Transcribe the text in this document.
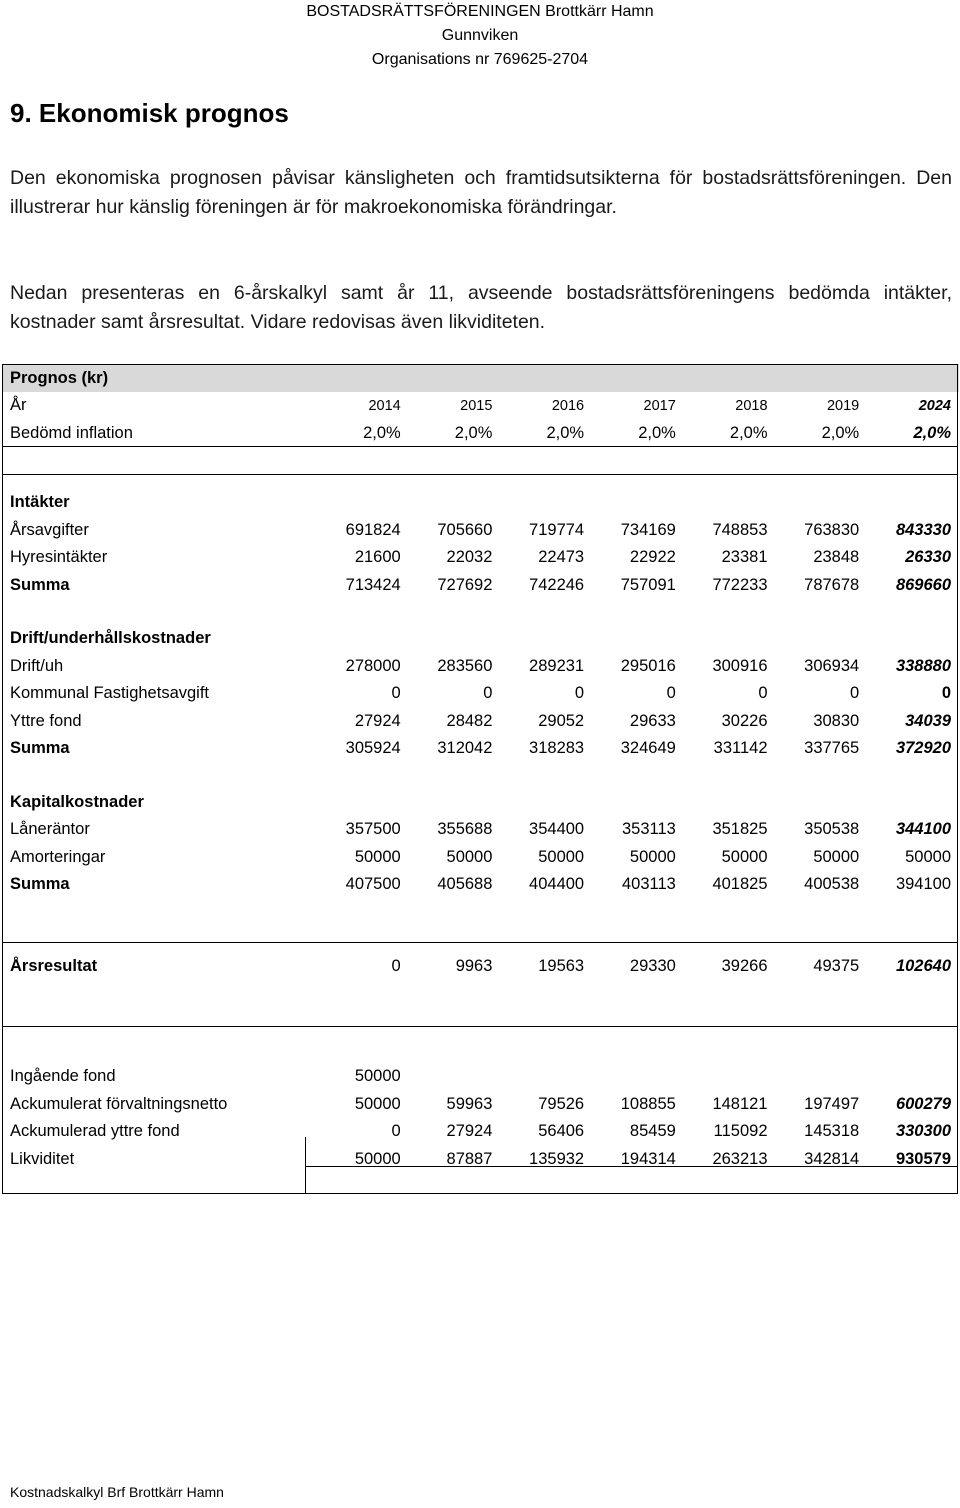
BOSTADSRÄTTSFÖRENINGEN Brottkärr Hamn
Gunnviken
Organisations nr 769625-2704
9. Ekonomisk prognos
Den ekonomiska prognosen påvisar känsligheten och framtidsutsikterna för bostadsrättsföreningen. Den illustrerar hur känslig föreningen är för makroekonomiska förändringar.
Nedan presenteras en 6-årskalkyl samt år 11, avseende bostadsrättsföreningens bedömda intäkter, kostnader samt årsresultat. Vidare redovisas även likviditeten.
Prognos (kr)							
År	2014	2015	2016	2017	2018	2019	2024
Bedömd inflation	2,0%	2,0%	2,0%	2,0%	2,0%	2,0%	2,0%

Intäkter							
Årsavgifter	691824	705660	719774	734169	748853	763830	843330
Hyresintäkter	21600	22032	22473	22922	23381	23848	26330
Summa	713424	727692	742246	757091	772233	787678	869660

Drift/underhållskostnader							
Drift/uh	278000	283560	289231	295016	300916	306934	338880
Kommunal Fastighetsavgift	0	0	0	0	0	0	0
Yttre fond	27924	28482	29052	29633	30226	30830	34039
Summa	305924	312042	318283	324649	331142	337765	372920

Kapitalkostnader							
Låneräntor	357500	355688	354400	353113	351825	350538	344100
Amorteringar	50000	50000	50000	50000	50000	50000	50000
Summa	407500	405688	404400	403113	401825	400538	394100

Årsresultat	0	9963	19563	29330	39266	49375	102640

Ingående fond	50000						
Ackumulerat förvaltningsnetto	50000	59963	79526	108855	148121	197497	600279
Ackumulerad yttre fond	0	27924	56406	85459	115092	145318	330300
Likviditet	50000	87887	135932	194314	263213	342814	930579
Kostnadskalkyl Brf Brottkärr Hamn
